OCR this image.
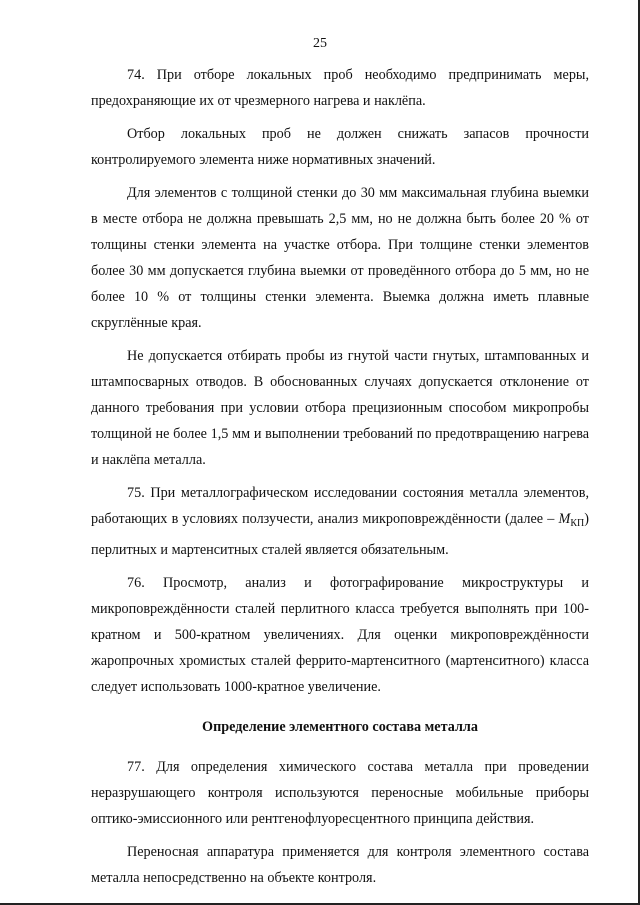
25

74. При отборе локальных проб необходимо предпринимать меры, предохраняющие их от чрезмерного нагрева и наклёпа.

Отбор локальных проб не должен снижать запасов прочности контролируемого элемента ниже нормативных значений.

Для элементов с толщиной стенки до 30 мм максимальная глубина выемки в месте отбора не должна превышать 2,5 мм, но не должна быть более 20 % от толщины стенки элемента на участке отбора. При толщине стенки элементов более 30 мм допускается глубина выемки от проведённого отбора до 5 мм, но не более 10 % от толщины стенки элемента. Выемка должна иметь плавные скруглённые края.

Не допускается отбирать пробы из гнутой части гнутых, штампованных и штампосварных отводов. В обоснованных случаях допускается отклонение от данного требования при условии отбора прецизионным способом микропробы толщиной не более 1,5 мм и выполнении требований по предотвращению нагрева и наклёпа металла.

75. При металлографическом исследовании состояния металла элементов, работающих в условиях ползучести, анализ микроповреждённости (далее – $M_{КП}$) перлитных и мартенситных сталей является обязательным.

76. Просмотр, анализ и фотографирование микроструктуры и микроповреждённости сталей перлитного класса требуется выполнять при 100-кратном и 500-кратном увеличениях. Для оценки микроповреждённости жаропрочных хромистых сталей феррито-мартенситного (мартенситного) класса следует использовать 1000-кратное увеличение.

Определение элементного состава металла

77. Для определения химического состава металла при проведении неразрушающего контроля используются переносные мобильные приборы оптико-эмиссионного или рентгенофлуоресцентного принципа действия.

Переносная аппаратура применяется для контроля элементного состава металла непосредственно на объекте контроля.
